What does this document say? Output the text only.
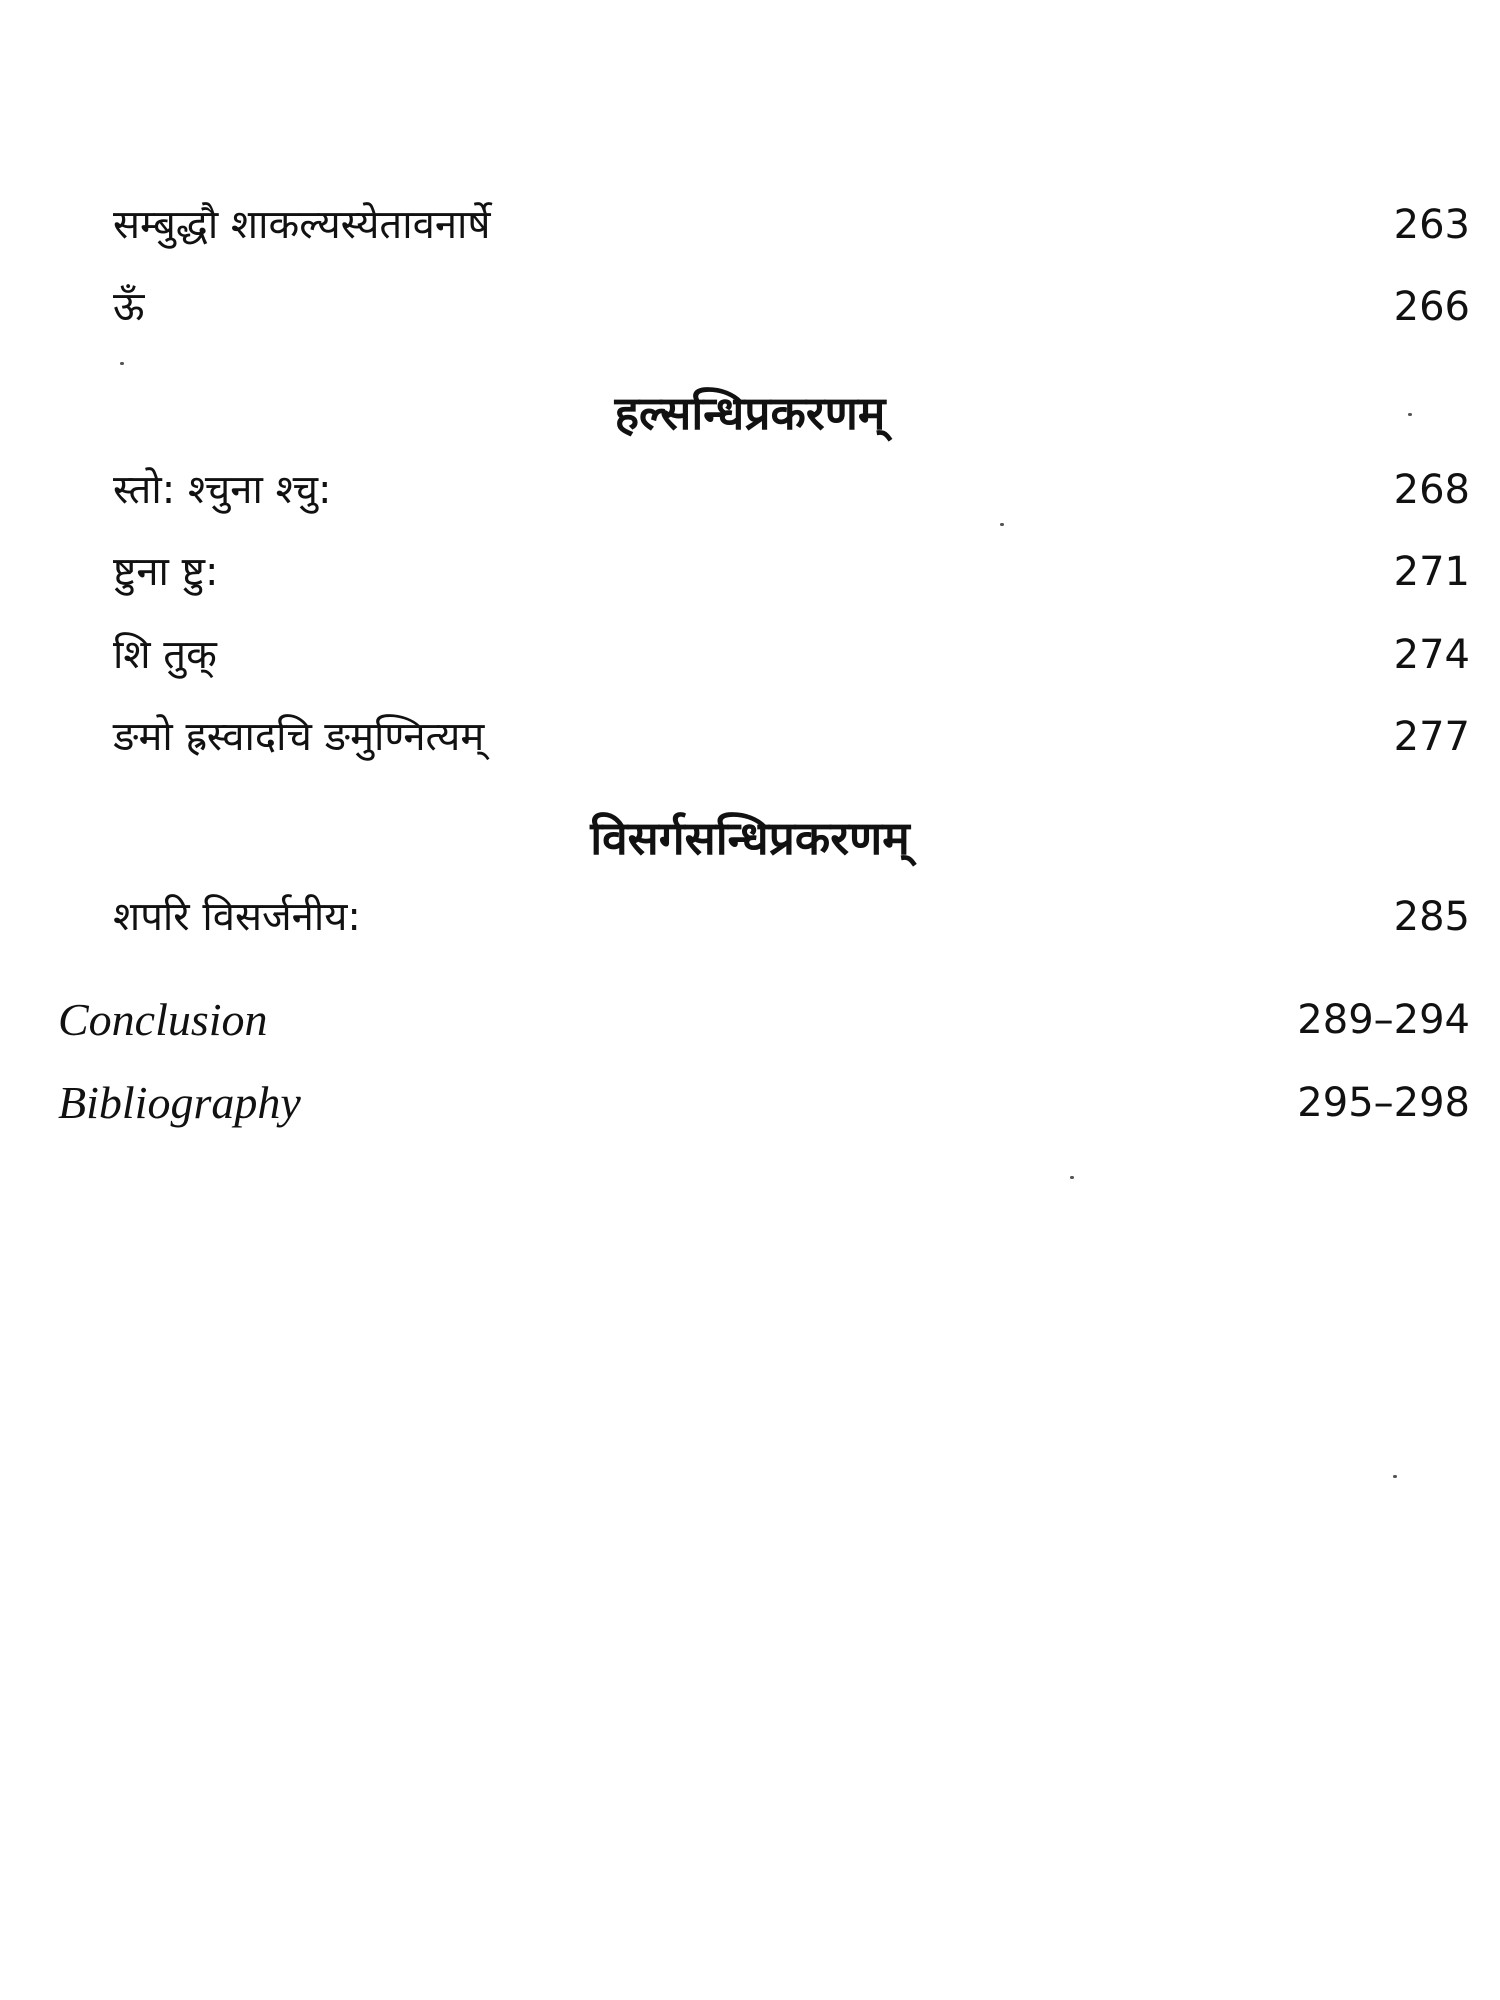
सम्बुद्धौ शाकल्यस्येतावनार्षे	263
ऊँ	266
हल्सन्धिप्रकरणम्
स्तो: श्चुना श्चु:	268
ष्टुना ष्टु:	271
शि तुक्	274
ङमो ह्रस्वादचि ङमुण्नित्यम्	277
विसर्गसन्धिप्रकरणम्
शपरि विसर्जनीय:	285
Conclusion	289–294
Bibliography	295–298
